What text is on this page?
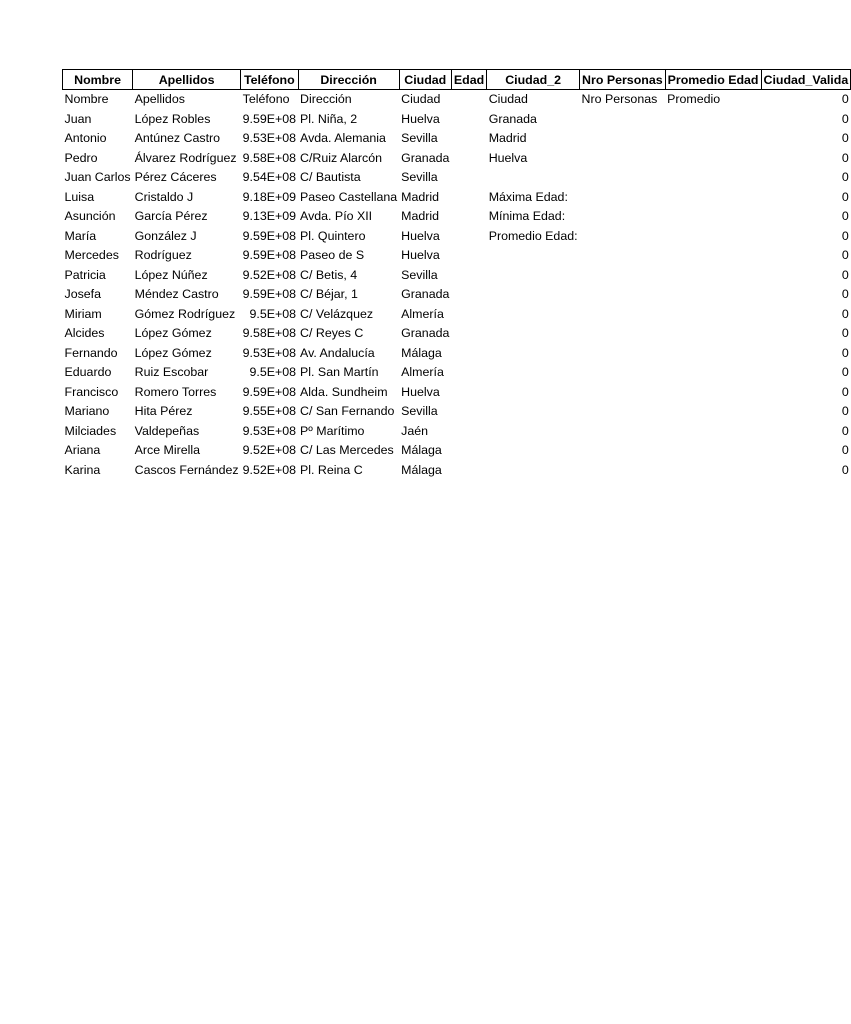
Nombre	Apellidos	Teléfono	Dirección	Ciudad	Edad	Ciudad_2	Nro Personas	Promedio Edad	Ciudad_Valida
Nombre	Apellidos	Teléfono	Dirección	Ciudad		Ciudad	Nro Personas	Promedio	0
Juan	López Robles	9.59E+08	Pl. Niña, 2	Huelva		Granada			0
Antonio	Antúnez Castro	9.53E+08	Avda. Alemania	Sevilla		Madrid			0
Pedro	Álvarez Rodríguez	9.58E+08	C/Ruiz Alarcón	Granada		Huelva			0
Juan Carlos	Pérez Cáceres	9.54E+08	C/ Bautista	Sevilla					0
Luisa	Cristaldo J	9.18E+09	Paseo Castellana	Madrid		Máxima Edad:			0
Asunción	García Pérez	9.13E+09	Avda. Pío XII	Madrid		Mínima Edad:			0
María	González J	9.59E+08	Pl. Quintero	Huelva		Promedio Edad:			0
Mercedes	Rodríguez	9.59E+08	Paseo de S	Huelva					0
Patricia	López Núñez	9.52E+08	C/ Betis, 4	Sevilla					0
Josefa	Méndez Castro	9.59E+08	C/ Béjar, 1	Granada					0
Miriam	Gómez Rodríguez	9.5E+08	C/ Velázquez	Almería					0
Alcides	López Gómez	9.58E+08	C/ Reyes C	Granada					0
Fernando	López Gómez	9.53E+08	Av. Andalucía	Málaga					0
Eduardo	Ruiz Escobar	9.5E+08	Pl. San Martín	Almería					0
Francisco	Romero Torres	9.59E+08	Alda. Sundheim	Huelva					0
Mariano	Hita Pérez	9.55E+08	C/ San Fernando	Sevilla					0
Milciades	Valdepeñas	9.53E+08	Pº Marítimo	Jaén					0
Ariana	Arce Mirella	9.52E+08	C/ Las Mercedes	Málaga					0
Karina	Cascos Fernández	9.52E+08	Pl. Reina C	Málaga					0
